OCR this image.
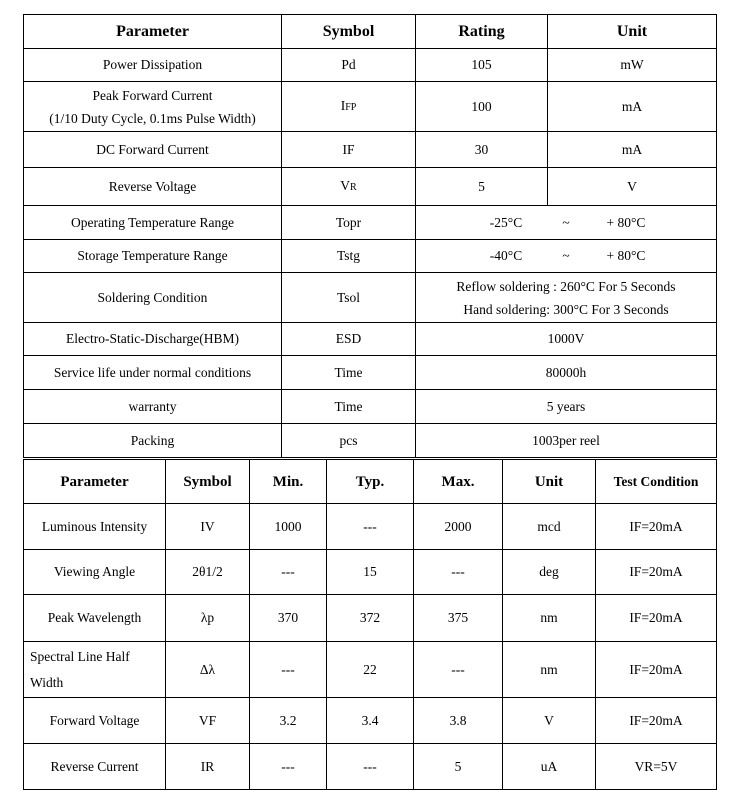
Parameter	Symbol	Rating	Unit
Power Dissipation	Pd	105	mW
Peak Forward Current
(1/10 Duty Cycle, 0.1ms Pulse Width)	IFP	100	mA
DC Forward Current	IF	30	mA
Reverse Voltage	VR	5	V
Operating Temperature Range	Topr	-25°C ~ + 80°C	
Storage Temperature Range	Tstg	-40°C ~ + 80°C	
Soldering Condition	Tsol	Reflow soldering : 260°C For 5 Seconds
Hand soldering: 300°C For 3 Seconds	
Electro-Static-Discharge(HBM)	ESD	1000V	
Service life under normal conditions	Time	80000h	
warranty	Time	5 years	
Packing	pcs	1003per reel	
Parameter	Symbol	Min.	Typ.	Max.	Unit	Test Condition
Luminous Intensity	IV	1000	---	2000	mcd	IF=20mA
Viewing Angle	2θ1/2	---	15	---	deg	IF=20mA
Peak Wavelength	λp	370	372	375	nm	IF=20mA
Spectral Line Half
Width	Δλ	---	22	---	nm	IF=20mA
Forward Voltage	VF	3.2	3.4	3.8	V	IF=20mA
Reverse Current	IR	---	---	5	uA	VR=5V
